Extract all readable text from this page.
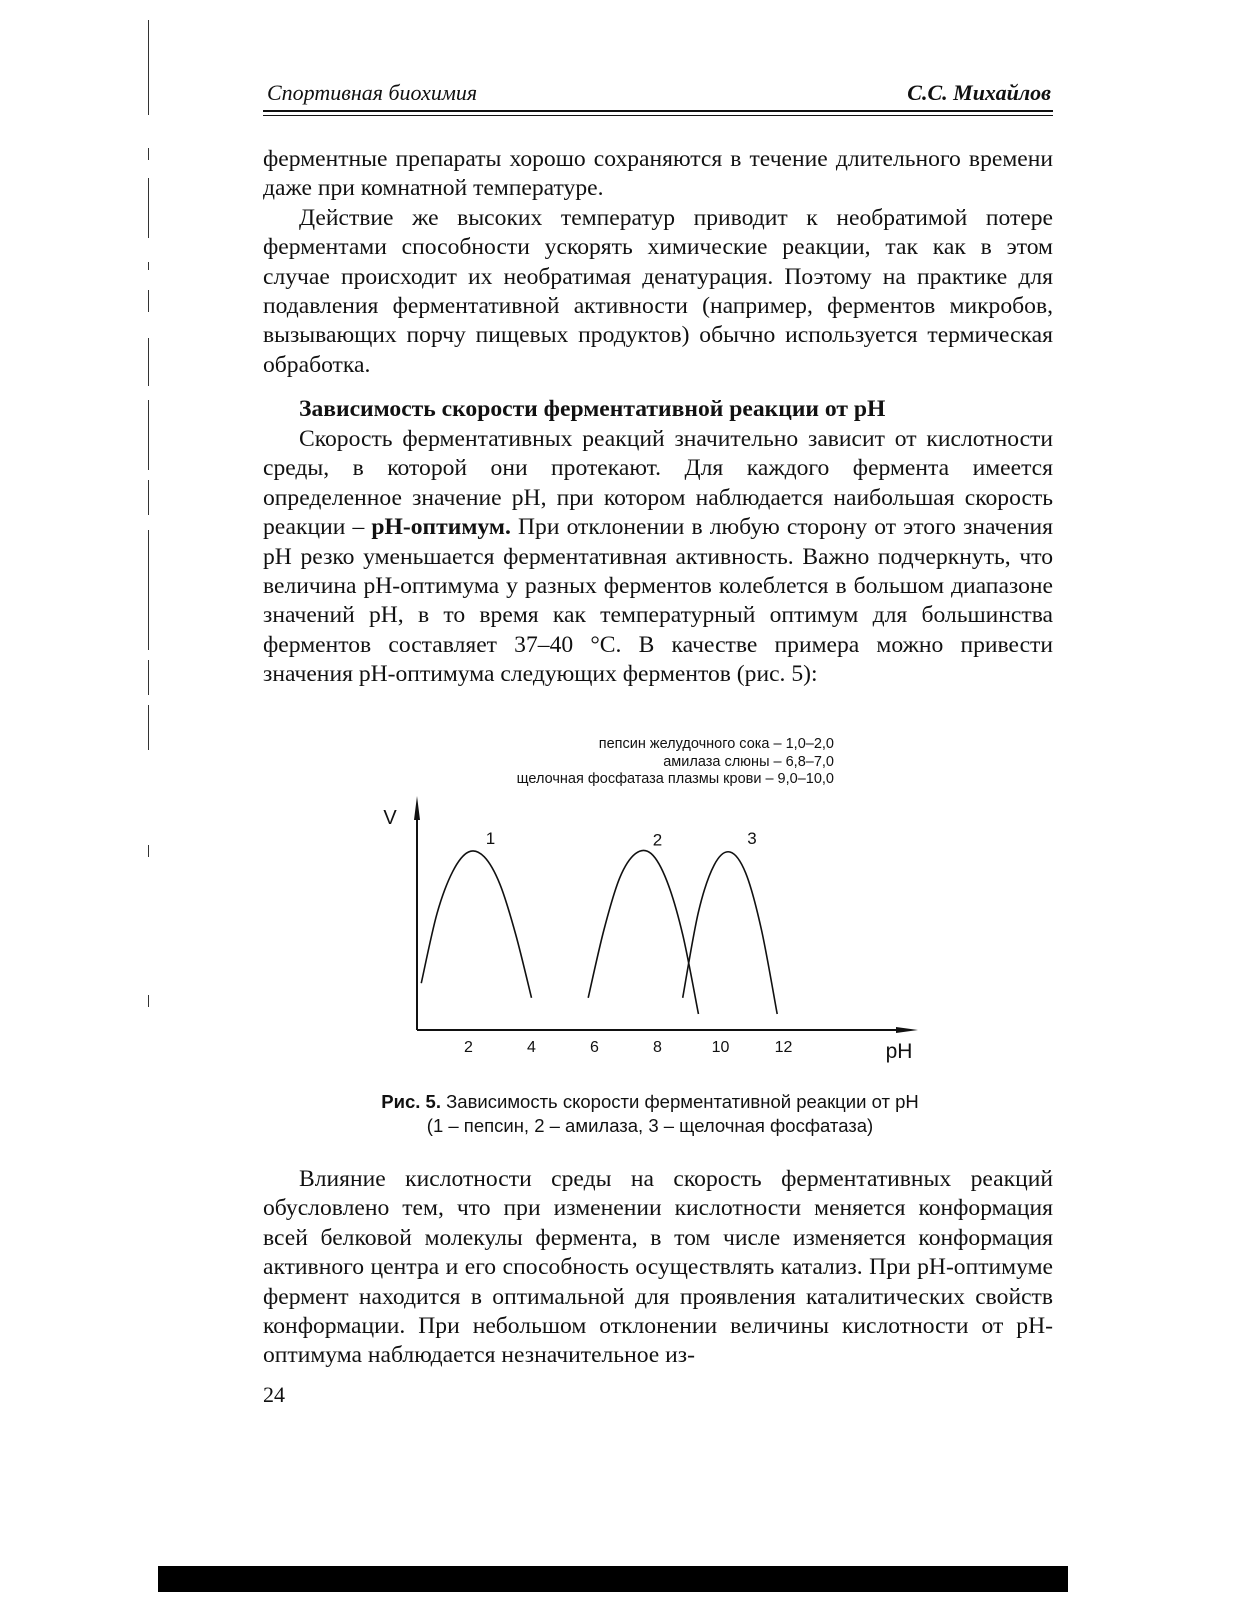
Спортивная биохимия	С.С. Михайлов

ферментные препараты хорошо сохраняются в течение длительного времени даже при комнатной температуре.

Действие же высоких температур приводит к необратимой потере ферментами способности ускорять химические реакции, так как в этом случае происходит их необратимая денатурация. Поэтому на практике для подавления ферментативной активности (например, ферментов микробов, вызывающих порчу пищевых продуктов) обычно используется термическая обработка.

Зависимость скорости ферментативной реакции от pH

Скорость ферментативных реакций значительно зависит от кислотности среды, в которой они протекают. Для каждого фермента имеется определенное значение pH, при котором наблюдается наибольшая скорость реакции – pH-оптимум. При отклонении в любую сторону от этого значения pH резко уменьшается ферментативная активность. Важно подчеркнуть, что величина pH-оптимума у разных ферментов колеблется в большом диапазоне значений pH, в то время как температурный оптимум для большинства ферментов составляет 37–40 °С. В качестве примера можно привести значения pH-оптимума следующих ферментов (рис. 5):

пепсин желудочного сока – 1,0–2,0
амилаза слюны – 6,8–7,0
щелочная фосфатаза плазмы крови – 9,0–10,0
V
pH
2	4	6	8	10	12
1	2	3
Рис. 5. Зависимость скорости ферментативной реакции от pH
(1 – пепсин, 2 – амилаза, 3 – щелочная фосфатаза)

Влияние кислотности среды на скорость ферментативных реакций обусловлено тем, что при изменении кислотности меняется конформация всей белковой молекулы фермента, в том числе изменяется конформация активного центра и его способность осуществлять катализ. При pH-оптимуме фермент находится в оптимальной для проявления каталитических свойств конформации. При небольшом отклонении величины кислотности от pH-оптимума наблюдается незначительное из-

24
